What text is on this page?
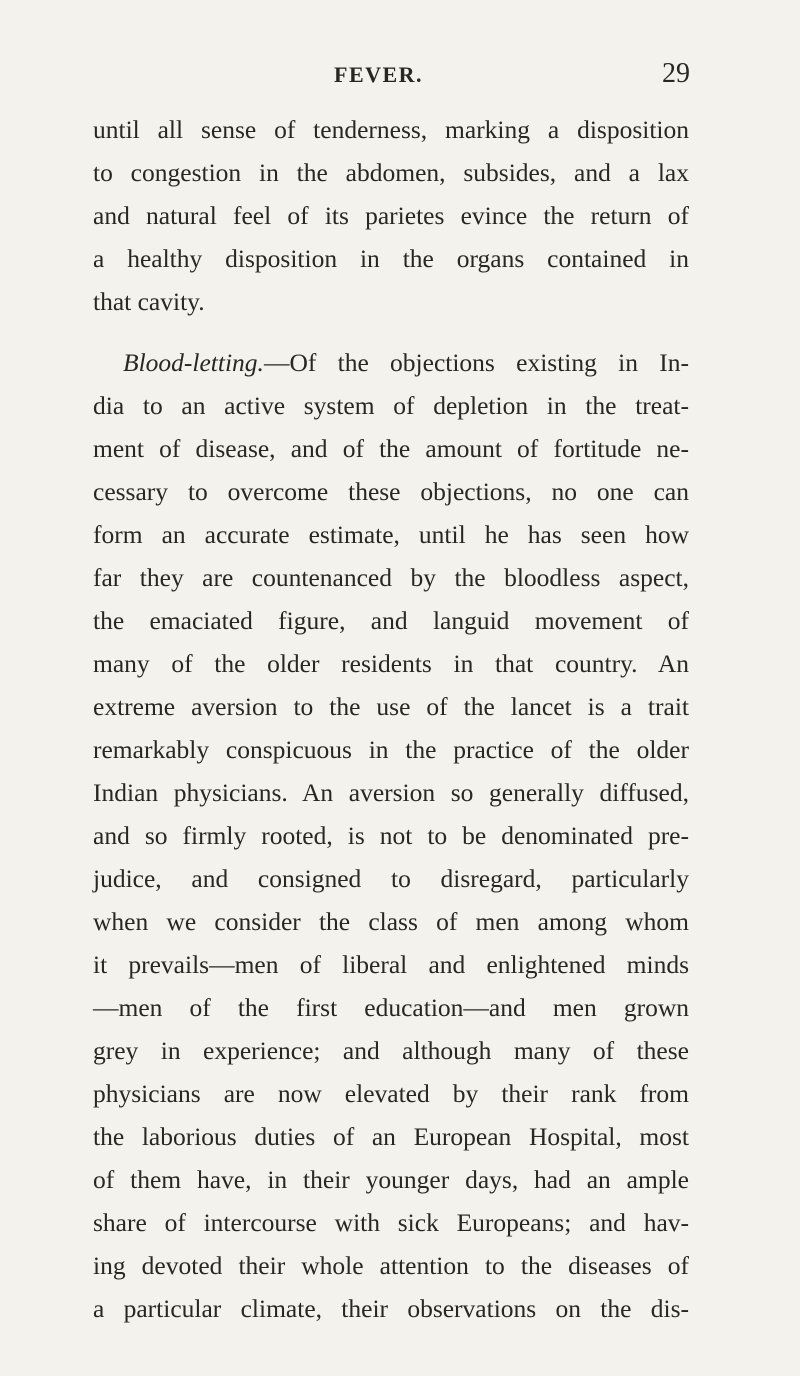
FEVER.	29
until all sense of tenderness, marking a disposition
to congestion in the abdomen, subsides, and a lax
and natural feel of its parietes evince the return of
a healthy disposition in the organs contained in
that cavity.
Blood-letting.—Of the objections existing in In-
dia to an active system of depletion in the treat-
ment of disease, and of the amount of fortitude ne-
cessary to overcome these objections, no one can
form an accurate estimate, until he has seen how
far they are countenanced by the bloodless aspect,
the emaciated figure, and languid movement of
many of the older residents in that country. An
extreme aversion to the use of the lancet is a trait
remarkably conspicuous in the practice of the older
Indian physicians. An aversion so generally diffused,
and so firmly rooted, is not to be denominated pre-
judice, and consigned to disregard, particularly
when we consider the class of men among whom
it prevails—men of liberal and enlightened minds
—men of the first education—and men grown
grey in experience; and although many of these
physicians are now elevated by their rank from
the laborious duties of an European Hospital, most
of them have, in their younger days, had an ample
share of intercourse with sick Europeans; and hav-
ing devoted their whole attention to the diseases of
a particular climate, their observations on the dis-
